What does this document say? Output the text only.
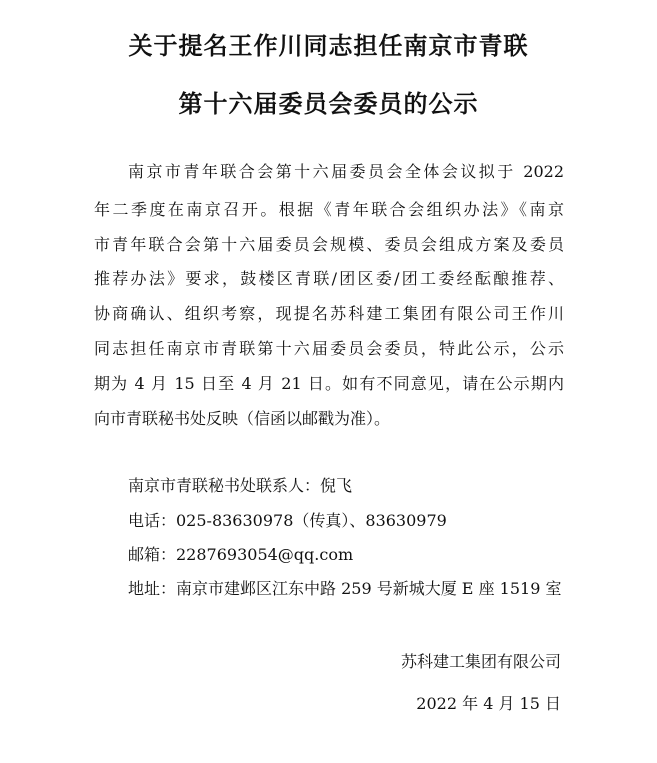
关于提名王作川同志担任南京市青联
第十六届委员会委员的公示
南京市青年联合会第十六届委员会全体会议拟于 2022
年二季度在南京召开。根据《青年联合会组织办法》《南京
市青年联合会第十六届委员会规模、委员会组成方案及委员
推荐办法》要求，鼓楼区青联/团区委/团工委经酝酿推荐、
协商确认、组织考察，现提名苏科建工集团有限公司王作川
同志担任南京市青联第十六届委员会委员，特此公示，公示
期为 4 月 15 日至 4 月 21 日。如有不同意见，请在公示期内
向市青联秘书处反映（信函以邮戳为准）。
南京市青联秘书处联系人：倪飞
电话：025-83630978（传真）、83630979
邮箱：2287693054@qq.com
地址：南京市建邺区江东中路 259 号新城大厦 E 座 1519 室
苏科建工集团有限公司
2022 年 4 月 15 日
